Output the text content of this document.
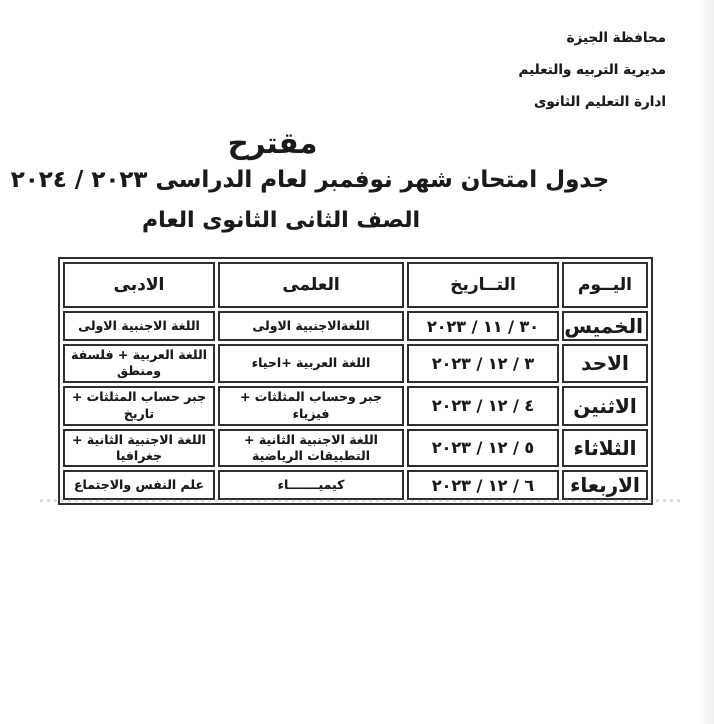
محافظة الجيزة
مديرية التربيه والتعليم
ادارة التعليم الثانوى
مقترح
جدول امتحان شهر نوفمبر لعام الدراسى ٢٠٢٣ / ٢٠٢٤
الصف الثانى الثانوى العام
اليــوم	التــاريخ	العلمى	الادبى
الخميس	٣٠ / ١١ / ٢٠٢٣	اللغةالاجنبية الاولى	اللغة الاجنبية الاولى
الاحد	٣ / ١٢ / ٢٠٢٣	اللغة العربية +احياء	اللغة العربية + فلسفة ومنطق
الاثنين	٤ / ١٢ / ٢٠٢٣	جبر وحساب المثلثات + فيزياء	جبر حساب المثلثات + تاريخ
الثلاثاء	٥ / ١٢ / ٢٠٢٣	اللغة الاجنبية الثانية + التطبيقات الرياضية	اللغة الاجنبية الثانية + جغرافيا
الاربعاء	٦ / ١٢ / ٢٠٢٣	كيميـــــــاء	علم النفس والاجتماع
